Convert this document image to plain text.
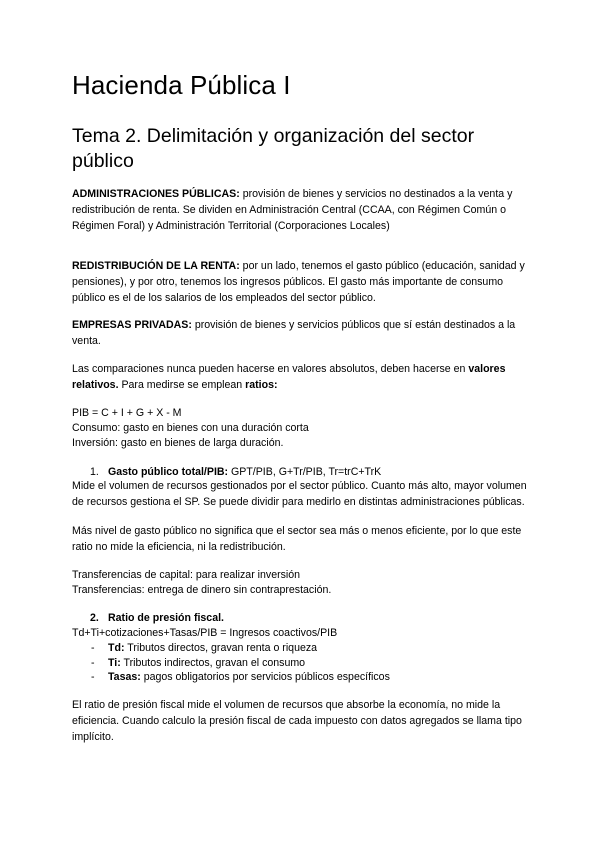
Hacienda Pública I
Tema 2. Delimitación y organización del sector público

ADMINISTRACIONES PÚBLICAS: provisión de bienes y servicios no destinados a la venta y redistribución de renta. Se dividen en Administración Central (CCAA, con Régimen Común o Régimen Foral) y Administración Territorial (Corporaciones Locales)

REDISTRIBUCIÓN DE LA RENTA: por un lado, tenemos el gasto público (educación, sanidad y pensiones), y por otro, tenemos los ingresos públicos. El gasto más importante de consumo público es el de los salarios de los empleados del sector público.

EMPRESAS PRIVADAS: provisión de bienes y servicios públicos que sí están destinados a la venta.

Las comparaciones nunca pueden hacerse en valores absolutos, deben hacerse en valores relativos. Para medirse se emplean ratios:

PIB = C + I + G + X - M

Consumo: gasto en bienes con una duración corta

Inversión: gasto en bienes de larga duración.

1. Gasto público total/PIB: GPT/PIB, G+Tr/PIB, Tr=trC+TrK

Mide el volumen de recursos gestionados por el sector público. Cuanto más alto, mayor volumen de recursos gestiona el SP. Se puede dividir para medirlo en distintas administraciones públicas.

Más nivel de gasto público no significa que el sector sea más o menos eficiente, por lo que este ratio no mide la eficiencia, ni la redistribución.

Transferencias de capital: para realizar inversión

Transferencias: entrega de dinero sin contraprestación.

2. Ratio de presión fiscal.

Td+Ti+cotizaciones+Tasas/PIB = Ingresos coactivos/PIB

- Td: Tributos directos, gravan renta o riqueza

- Ti: Tributos indirectos, gravan el consumo

- Tasas: pagos obligatorios por servicios públicos específicos

El ratio de presión fiscal mide el volumen de recursos que absorbe la economía, no mide la eficiencia. Cuando calculo la presión fiscal de cada impuesto con datos agregados se llama tipo implícito.
